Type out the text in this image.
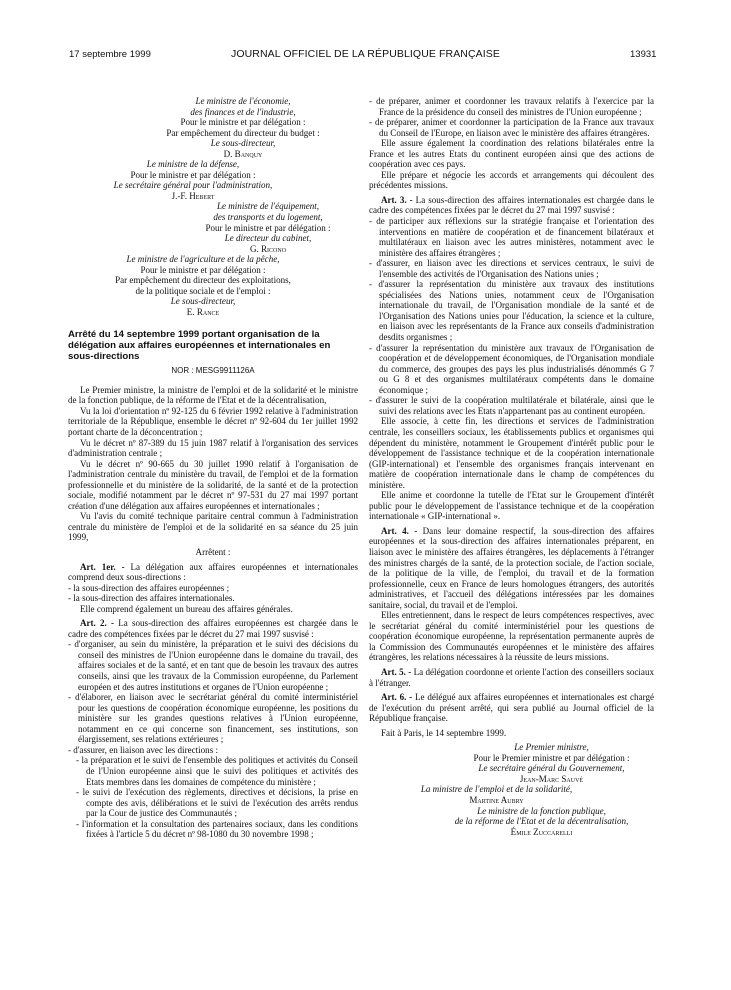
17 septembre 1999	JOURNAL OFFICIEL DE LA RÉPUBLIQUE FRANÇAISE	13931
Le ministre de l'économie,
des finances et de l'industrie,
Pour le ministre et par délégation :
Par empêchement du directeur du budget :
Le sous-directeur,
D. Banquy
Le ministre de la défense,
Pour le ministre et par délégation :
Le secrétaire général pour l'administration,
J.-F. Hebert
Le ministre de l'équipement,
des transports et du logement,
Pour le ministre et par délégation :
Le directeur du cabinet,
G. Ricono
Le ministre de l'agriculture et de la pêche,
Pour le ministre et par délégation :
Par empêchement du directeur des exploitations,
de la politique sociale et de l'emploi :
Le sous-directeur,
E. Rance

Arrêté du 14 septembre 1999 portant organisation de la délégation aux affaires européennes et internationales en sous-directions

NOR : MESG9911126A

Le Premier ministre, la ministre de l'emploi et de la solidarité et le ministre de la fonction publique, de la réforme de l'Etat et de la décentralisation,

Vu la loi d'orientation nº 92-125 du 6 février 1992 relative à l'administration territoriale de la République, ensemble le décret nº 92-604 du 1er juillet 1992 portant charte de la déconcentration ;

Vu le décret nº 87-389 du 15 juin 1987 relatif à l'organisation des services d'administration centrale ;

Vu le décret nº 90-665 du 30 juillet 1990 relatif à l'organisation de l'administration centrale du ministère du travail, de l'emploi et de la formation professionnelle et du ministère de la solidarité, de la santé et de la protection sociale, modifié notamment par le décret nº 97-531 du 27 mai 1997 portant création d'une délégation aux affaires européennes et internationales ;

Vu l'avis du comité technique paritaire central commun à l'administration centrale du ministère de l'emploi et de la solidarité en sa séance du 25 juin 1999,

Arrêtent :

Art. 1er. - La délégation aux affaires européennes et internationales comprend deux sous-directions :

- la sous-direction des affaires européennes ;

- la sous-direction des affaires internationales.

Elle comprend également un bureau des affaires générales.

Art. 2. - La sous-direction des affaires européennes est chargée dans le cadre des compétences fixées par le décret du 27 mai 1997 susvisé :

- d'organiser, au sein du ministère, la préparation et le suivi des décisions du conseil des ministres de l'Union européenne dans le domaine du travail, des affaires sociales et de la santé, et en tant que de besoin les travaux des autres conseils, ainsi que les travaux de la Commission européenne, du Parlement européen et des autres institutions et organes de l'Union européenne ;

- d'élaborer, en liaison avec le secrétariat général du comité interministériel pour les questions de coopération économique européenne, les positions du ministère sur les grandes questions relatives à l'Union européenne, notamment en ce qui concerne son financement, ses institutions, son élargissement, ses relations extérieures ;

- d'assurer, en liaison avec les directions :

- la préparation et le suivi de l'ensemble des politiques et activités du Conseil de l'Union européenne ainsi que le suivi des politiques et activités des Etats membres dans les domaines de compétence du ministère ;

- le suivi de l'exécution des règlements, directives et décisions, la prise en compte des avis, délibérations et le suivi de l'exécution des arrêts rendus par la Cour de justice des Communautés ;

- l'information et la consultation des partenaires sociaux, dans les conditions fixées à l'article 5 du décret nº 98-1080 du 30 novembre 1998 ;

- de préparer, animer et coordonner les travaux relatifs à l'exercice par la France de la présidence du conseil des ministres de l'Union européenne ;

- de préparer, animer et coordonner la participation de la France aux travaux du Conseil de l'Europe, en liaison avec le ministère des affaires étrangères.

Elle assure également la coordination des relations bilatérales entre la France et les autres Etats du continent européen ainsi que des actions de coopération avec ces pays.

Elle prépare et négocie les accords et arrangements qui découlent des précédentes missions.

Art. 3. - La sous-direction des affaires internationales est chargée dans le cadre des compétences fixées par le décret du 27 mai 1997 susvisé :

- de participer aux réflexions sur la stratégie française et l'orientation des interventions en matière de coopération et de financement bilatéraux et multilatéraux en liaison avec les autres ministères, notamment avec le ministère des affaires étrangères ;

- d'assurer, en liaison avec les directions et services centraux, le suivi de l'ensemble des activités de l'Organisation des Nations unies ;

- d'assurer la représentation du ministère aux travaux des institutions spécialisées des Nations unies, notamment ceux de l'Organisation internationale du travail, de l'Organisation mondiale de la santé et de l'Organisation des Nations unies pour l'éducation, la science et la culture, en liaison avec les représentants de la France aux conseils d'administration desdits organismes ;

- d'assurer la représentation du ministère aux travaux de l'Organisation de coopération et de développement économiques, de l'Organisation mondiale du commerce, des groupes des pays les plus industrialisés dénommés G 7 ou G 8 et des organismes multilatéraux compétents dans le domaine économique ;

- d'assurer le suivi de la coopération multilatérale et bilatérale, ainsi que le suivi des relations avec les Etats n'appartenant pas au continent européen.

Elle associe, à cette fin, les directions et services de l'administration centrale, les conseillers sociaux, les établissements publics et organismes qui dépendent du ministère, notamment le Groupement d'intérêt public pour le développement de l'assistance technique et de la coopération internationale (GIP-international) et l'ensemble des organismes français intervenant en matière de coopération internationale dans le champ de compétences du ministère.

Elle anime et coordonne la tutelle de l'Etat sur le Groupement d'intérêt public pour le développement de l'assistance technique et de la coopération internationale « GIP-international ».

Art. 4. - Dans leur domaine respectif, la sous-direction des affaires européennes et la sous-direction des affaires internationales préparent, en liaison avec le ministère des affaires étrangères, les déplacements à l'étranger des ministres chargés de la santé, de la protection sociale, de l'action sociale, de la politique de la ville, de l'emploi, du travail et de la formation professionnelle, ceux en France de leurs homologues étrangers, des autorités administratives, et l'accueil des délégations intéressées par les domaines sanitaire, social, du travail et de l'emploi.

Elles entretiennent, dans le respect de leurs compétences respectives, avec le secrétariat général du comité interministériel pour les questions de coopération économique européenne, la représentation permanente auprès de la Commission des Communautés européennes et le ministère des affaires étrangères, les relations nécessaires à la réussite de leurs missions.

Art. 5. - La délégation coordonne et oriente l'action des conseillers sociaux à l'étranger.

Art. 6. - Le délégué aux affaires européennes et internationales est chargé de l'exécution du présent arrêté, qui sera publié au Journal officiel de la République française.

Fait à Paris, le 14 septembre 1999.

Le Premier ministre,
Pour le Premier ministre et par délégation :
Le secrétaire général du Gouvernement,
Jean-Marc Sauvé
La ministre de l'emploi et de la solidarité,
Martine Aubry
Le ministre de la fonction publique,
de la réforme de l'Etat et de la décentralisation,
Émile Zuccarelli
